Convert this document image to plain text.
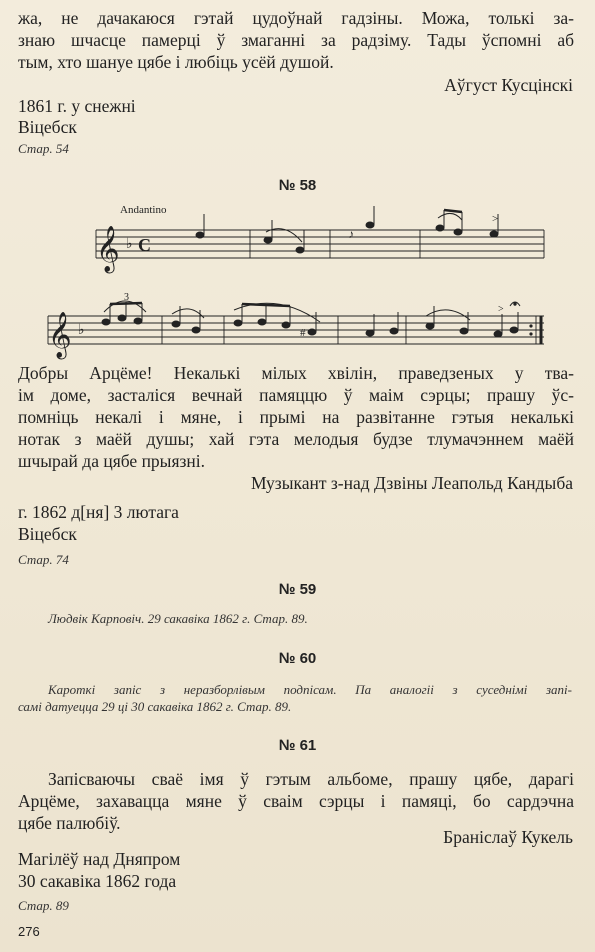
жа, не дачакаюся гэтай цудоўнай гадзіны. Можа, толькі за-
знаю шчасце памерці ў змаганні за радзіму. Тады ўспомні аб
тым, хто шануе цябе і любіць усёй душой.
Аўгуст Кусцінскі
1861 г. у снежні
Віцебск
Стар. 54
№ 58
Andantino
𝄞 ♭ C
>
♪
𝄞 ♭
3
#
>
Добры Арцёме! Некалькі мілых хвілін, праведзеных у тва-
ім доме, засталіся вечнай памяццю ў маім сэрцы; прашу ўс-
помніць некалі і мяне, і прымі на развітанне гэтыя некалькі
нотак з маёй душы; хай гэта мелодыя будзе тлумачэннем маёй
шчырай да цябе прыязні.
Музыкант з-над Дзвіны Леапольд Кандыба
г. 1862 д[ня] 3 лютага
Віцебск
Стар. 74
№ 59
Людвік Карповіч. 29 сакавіка 1862 г. Стар. 89.
№ 60
Кароткі запіс з неразборлівым подпісам. Па аналогіі з суседнімі запі-
самі датуецца 29 ці 30 сакавіка 1862 г. Стар. 89.
№ 61
Запісваючы сваё імя ў гэтым альбоме, прашу цябе, дарагі
Арцёме, захавацца мяне ў сваім сэрцы і памяці, бо сардэчна
цябе палюбіў.
Браніслаў Кукель
Магілёў над Дняпром
30 сакавіка 1862 года
Стар. 89
276
